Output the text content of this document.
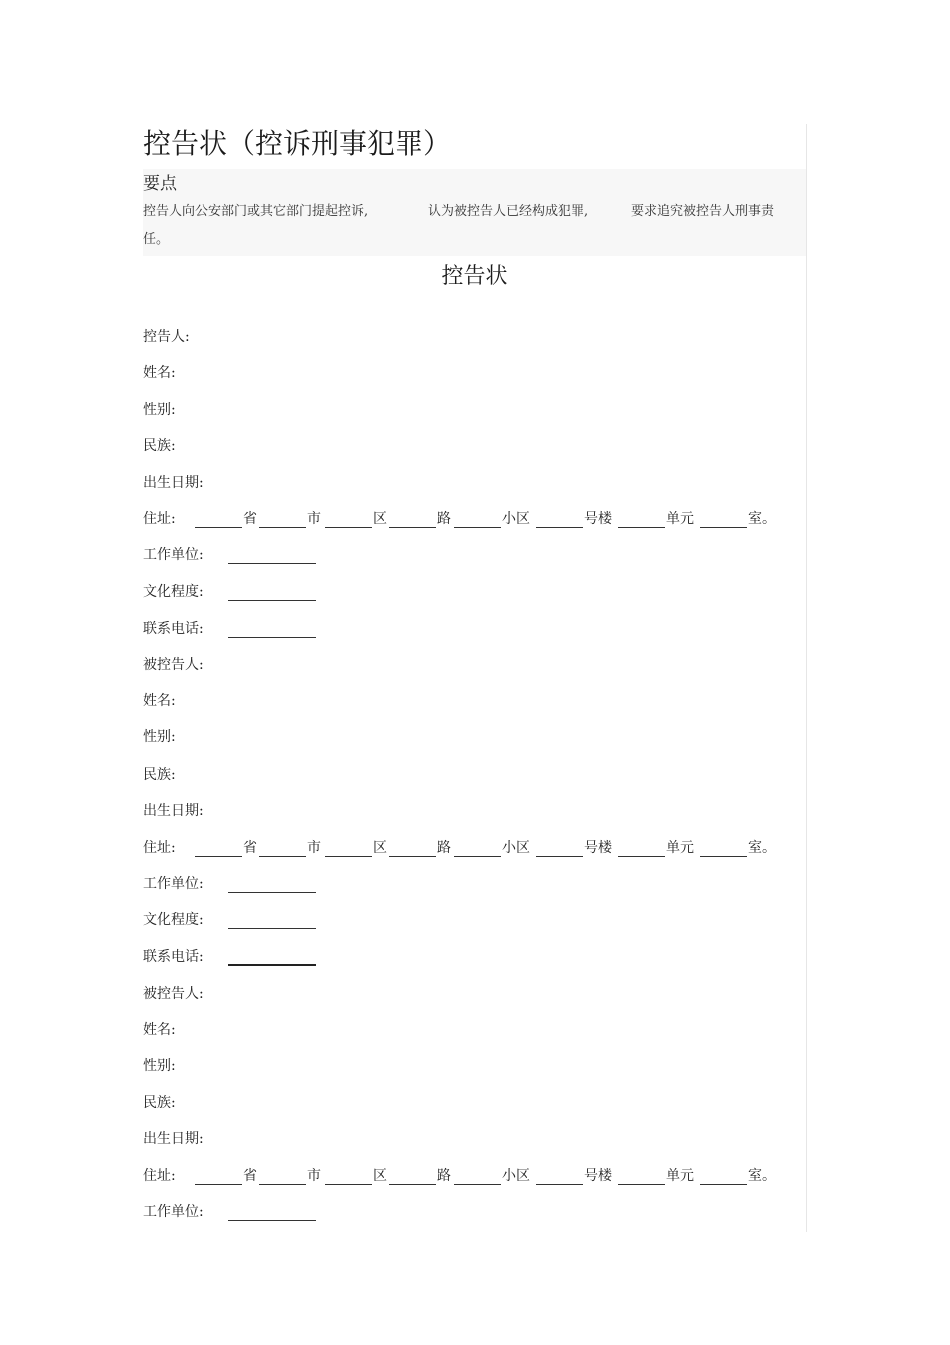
控告状（控诉刑事犯罪）
要点
控告人向公安部门或其它部门提起控诉,	认为被控告人已经构成犯罪,	要求追究被控告人刑事责
任。
控告状
控告人:
姓名:
性别:
民族:
出生日期:
住址:	省	市	区	路	小区	号楼	单元	室。
工作单位:
文化程度:
联系电话:
被控告人:
姓名:
性别:
民族:
出生日期:
住址:	省	市	区	路	小区	号楼	单元	室。
工作单位:
文化程度:
联系电话:
被控告人:
姓名:
性别:
民族:
出生日期:
住址:	省	市	区	路	小区	号楼	单元	室。
工作单位:
